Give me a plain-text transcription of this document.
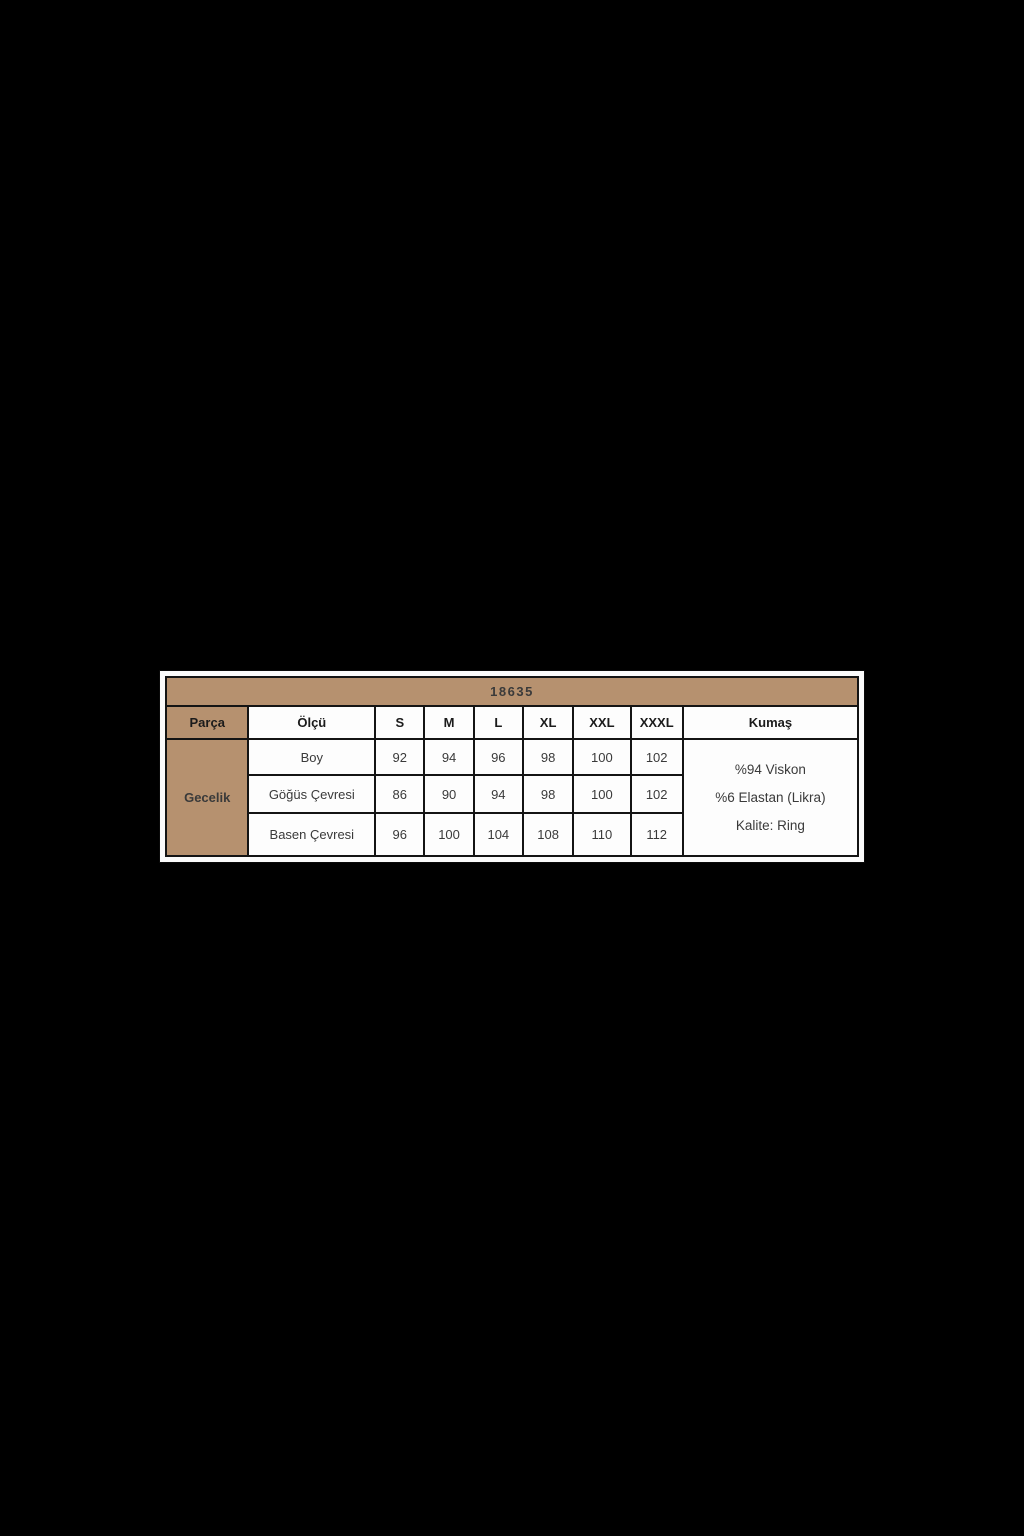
18635								
Parça	Ölçü	S	M	L	XL	XXL	XXXL	Kumaş
Gecelik	Boy	92	94	96	98	100	102	%94 Viskon
%6 Elastan (Likra)
Kalite: Ring

	Göğüs Çevresi	86	90	94	98	100	102	
	Basen Çevresi	96	100	104	108	110	112	
